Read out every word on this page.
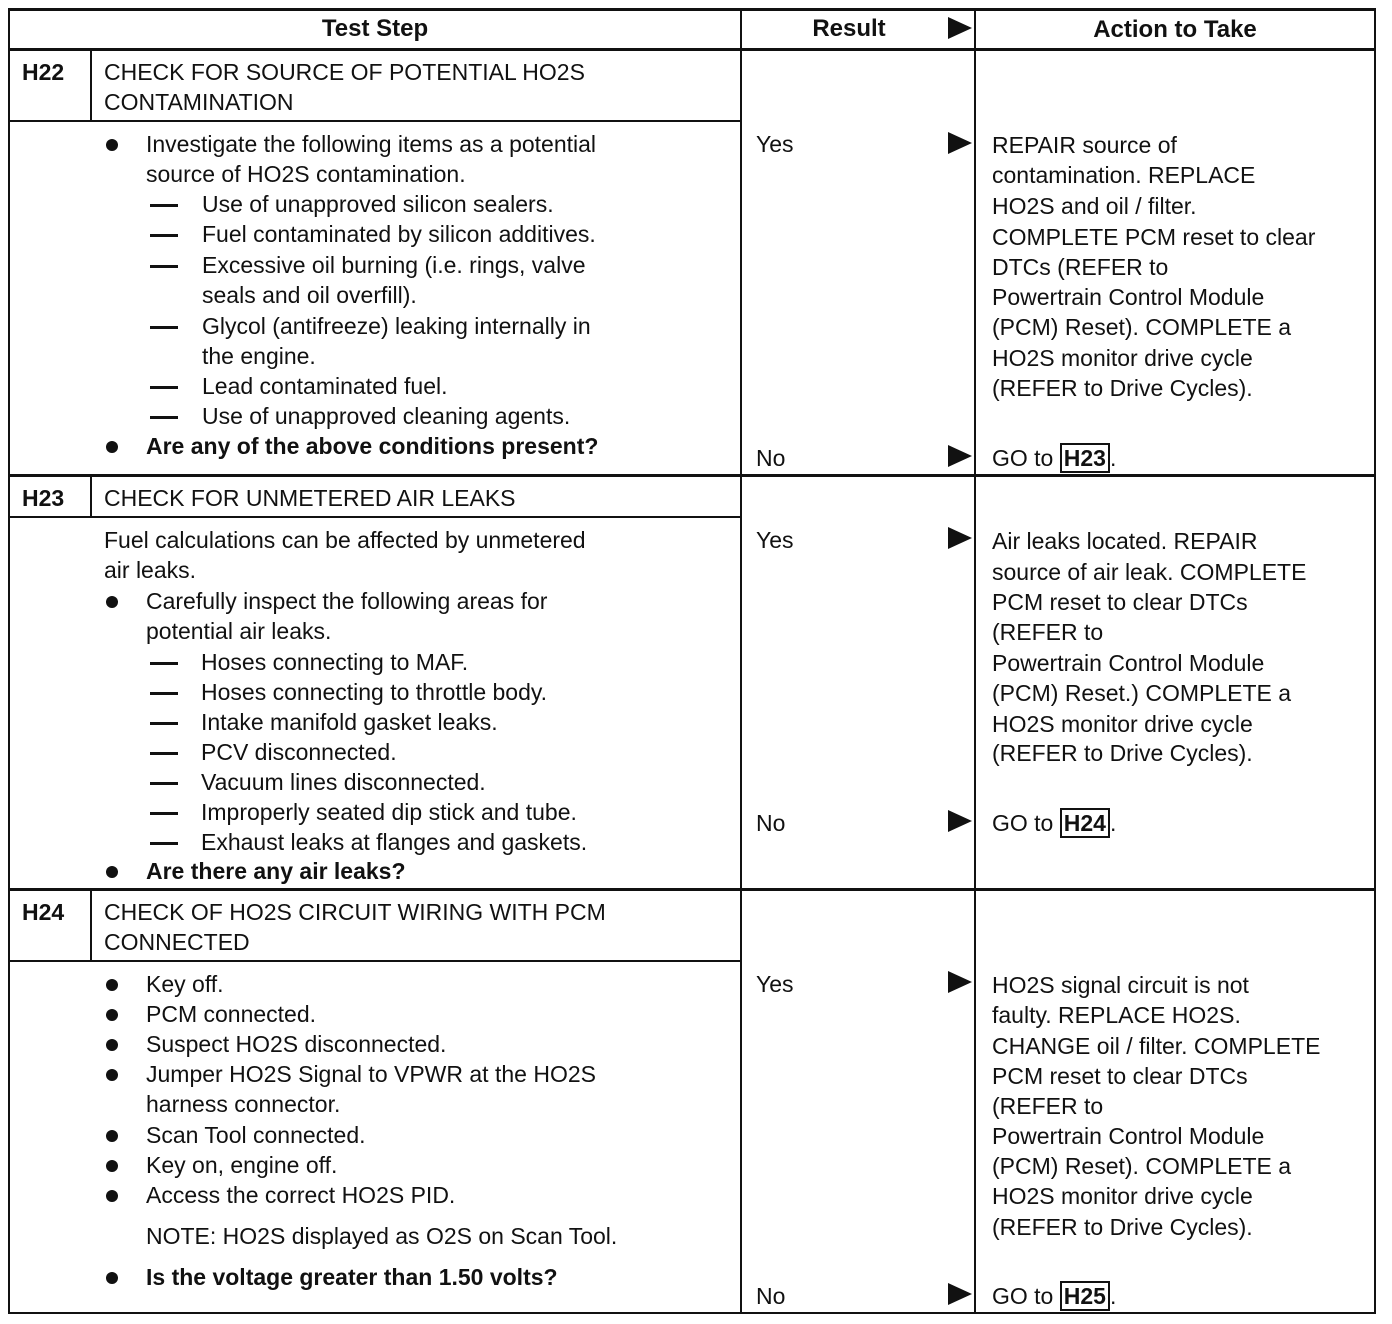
Test Step	Result	Action to Take
H22 CHECK FOR SOURCE OF POTENTIAL HO2S
CONTAMINATION
Investigate the following items as a potential
source of HO2S contamination.
Use of unapproved silicon sealers.
Fuel contaminated by silicon additives.
Excessive oil burning (i.e. rings, valve
seals and oil overfill).
Glycol (antifreeze) leaking internally in
the engine.
Lead contaminated fuel.
Use of unapproved cleaning agents.
Are any of the above conditions present?
Yes
No
REPAIR source of
contamination. REPLACE
HO2S and oil / filter.
COMPLETE PCM reset to clear
DTCs (REFER to
Powertrain Control Module
(PCM) Reset). COMPLETE a
HO2S monitor drive cycle
(REFER to Drive Cycles).
GO to H23 .
H23 CHECK FOR UNMETERED AIR LEAKS
Fuel calculations can be affected by unmetered
air leaks.
Carefully inspect the following areas for
potential air leaks.
Hoses connecting to MAF.
Hoses connecting to throttle body.
Intake manifold gasket leaks.
PCV disconnected.
Vacuum lines disconnected.
Improperly seated dip stick and tube.
Exhaust leaks at flanges and gaskets.
Are there any air leaks?
Yes
No
Air leaks located. REPAIR
source of air leak. COMPLETE
PCM reset to clear DTCs
(REFER to
Powertrain Control Module
(PCM) Reset.) COMPLETE a
HO2S monitor drive cycle
(REFER to Drive Cycles).
GO to H24 .
H24 CHECK OF HO2S CIRCUIT WIRING WITH PCM
CONNECTED
Key off.
PCM connected.
Suspect HO2S disconnected.
Jumper HO2S Signal to VPWR at the HO2S
harness connector.
Scan Tool connected.
Key on, engine off.
Access the correct HO2S PID.
NOTE: HO2S displayed as O2S on Scan Tool.
Is the voltage greater than 1.50 volts?
Yes
No
HO2S signal circuit is not
faulty. REPLACE HO2S.
CHANGE oil / filter. COMPLETE
PCM reset to clear DTCs
(REFER to
Powertrain Control Module
(PCM) Reset). COMPLETE a
HO2S monitor drive cycle
(REFER to Drive Cycles).
GO to H25 .
